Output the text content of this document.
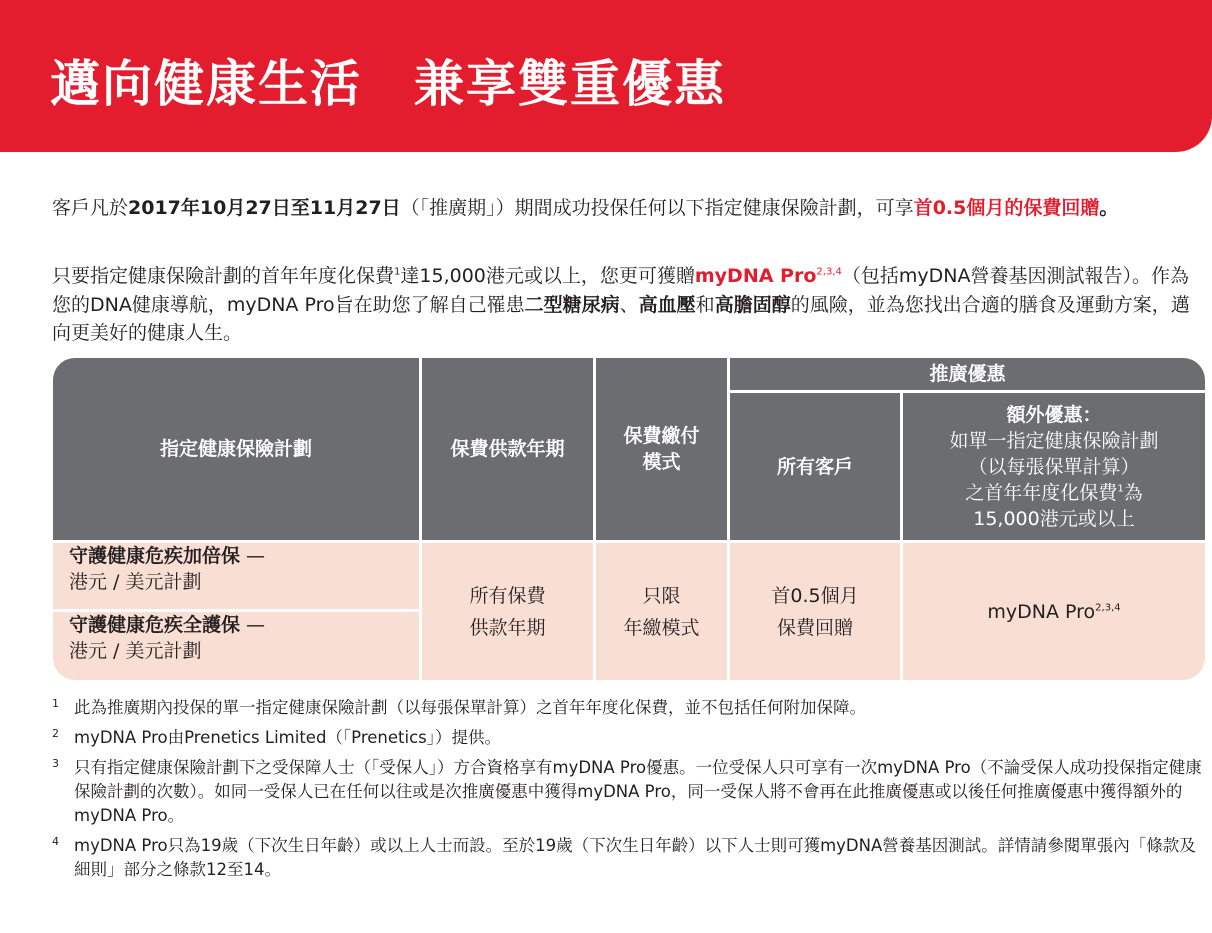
邁向健康生活　兼享雙重優惠

客戶凡於2017年10月27日至11月27日（「推廣期」）期間成功投保任何以下指定健康保險計劃，可享首0.5個月的保費回贈。

只要指定健康保險計劃的首年年度化保費$^1$達15,000港元或以上，您更可獲贈myDNA Pro$^{2,3,4}$（包括myDNA營養基因測試報告）。作為您的DNA健康導航，myDNA Pro旨在助您了解自己罹患二型糖尿病、高血壓和高膽固醇的風險，並為您找出合適的膳食及運動方案，邁向更美好的健康人生。

指定健康保險計劃	保費供款年期
保費繳付
模式
推廣優惠
所有客戶
額外優惠：
如單一指定健康保險計劃
（以每張保單計算）
之首年年度化保費$^1$為
15,000港元或以上
守護健康危疾加倍保 —
港元 / 美元計劃
守護健康危疾全護保 —
港元 / 美元計劃
所有保費
供款年期
只限
年繳模式
首0.5個月
保費回贈
myDNA Pro$^{2,3,4}$
1 此為推廣期內投保的單一指定健康保險計劃（以每張保單計算）之首年年度化保費，並不包括任何附加保障。
2 myDNA Pro由Prenetics Limited（「Prenetics」）提供。
3 只有指定健康保險計劃下之受保障人士（「受保人」）方合資格享有myDNA Pro優惠。一位受保人只可享有一次myDNA Pro（不論受保人成功投保指定健康保險計劃的次數）。如同一受保人已在任何以往或是次推廣優惠中獲得myDNA Pro，同一受保人將不會再在此推廣優惠或以後任何推廣優惠中獲得額外的myDNA Pro。
4 myDNA Pro只為19歲（下次生日年齡）或以上人士而設。至於19歲（下次生日年齡）以下人士則可獲myDNA營養基因測試。詳情請參閱單張內「條款及細則」部分之條款12至14。
